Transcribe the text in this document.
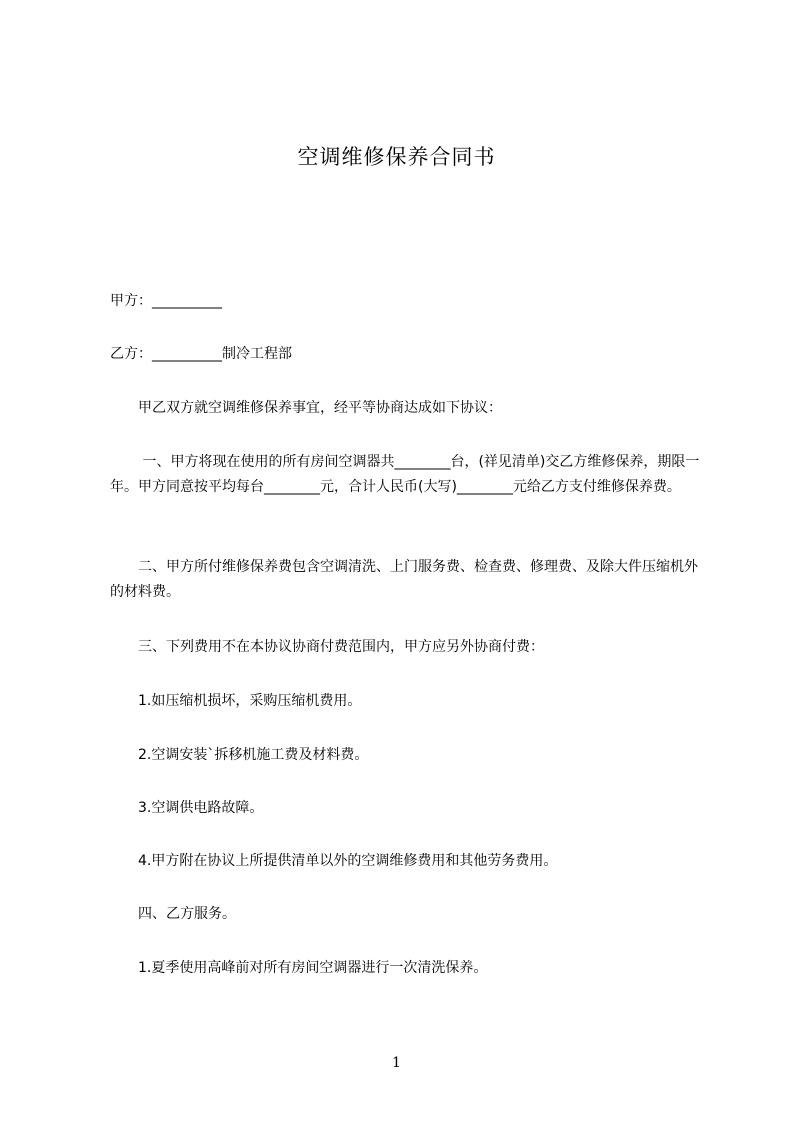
空调维修保养合同书
甲方：__________
乙方：__________制冷工程部
甲乙双方就空调维修保养事宜，经平等协商达成如下协议：
一、甲方将现在使用的所有房间空调器共________台，(祥见清单)交乙方维修保养，期限一年。甲方同意按平均每台________元，合计人民币(大写)________元给乙方支付维修保养费。
二、甲方所付维修保养费包含空调清洗、上门服务费、检查费、修理费、及除大件压缩机外的材料费。
三、下列费用不在本协议协商付费范围内，甲方应另外协商付费：
1.如压缩机损坏，采购压缩机费用。
2.空调安装`拆移机施工费及材料费。
3.空调供电路故障。
4.甲方附在协议上所提供清单以外的空调维修费用和其他劳务费用。
四、乙方服务。
1.夏季使用高峰前对所有房间空调器进行一次清洗保养。
1
